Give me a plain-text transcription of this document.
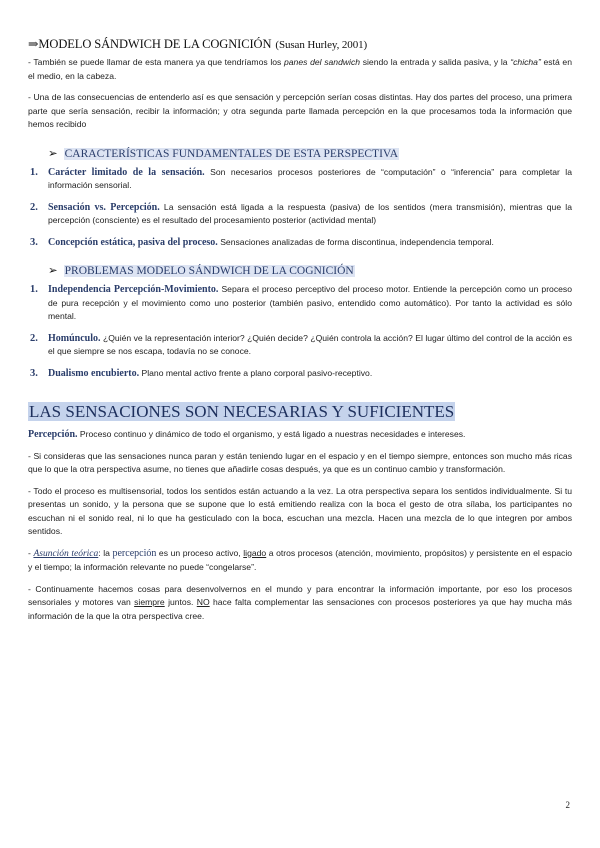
⇒MODELO SÁNDWICH DE LA COGNICIÓN (Susan Hurley, 2001)

- También se puede llamar de esta manera ya que tendríamos los panes del sandwich siendo la entrada y salida pasiva, y la “chicha” está en el medio, en la cabeza.

- Una de las consecuencias de entenderlo así es que sensación y percepción serían cosas distintas. Hay dos partes del proceso, una primera parte que sería sensación, recibir la información; y otra segunda parte llamada percepción en la que procesamos toda la información que hemos recibido

➢ CARACTERÍSTICAS FUNDAMENTALES DE ESTA PERSPECTIVA
1. Carácter limitado de la sensación. Son necesarios procesos posteriores de “computación” o “inferencia” para completar la información sensorial.
2. Sensación vs. Percepción. La sensación está ligada a la respuesta (pasiva) de los sentidos (mera transmisión), mientras que la percepción (consciente) es el resultado del procesamiento posterior (actividad mental)
3. Concepción estática, pasiva del proceso. Sensaciones analizadas de forma discontinua, independencia temporal.
➢ PROBLEMAS MODELO SÁNDWICH DE LA COGNICIÓN
1. Independencia Percepción-Movimiento. Separa el proceso perceptivo del proceso motor. Entiende la percepción como un proceso de pura recepción y el movimiento como uno posterior (también pasivo, entendido como automático). Por tanto la actividad es sólo mental.
2. Homúnculo. ¿Quién ve la representación interior? ¿Quién decide? ¿Quién controla la acción? El lugar último del control de la acción es el que siempre se nos escapa, todavía no se conoce.
3. Dualismo encubierto. Plano mental activo frente a plano corporal pasivo-receptivo.
LAS SENSACIONES SON NECESARIAS Y SUFICIENTES

Percepción. Proceso continuo y dinámico de todo el organismo, y está ligado a nuestras necesidades e intereses.

- Si consideras que las sensaciones nunca paran y están teniendo lugar en el espacio y en el tiempo siempre, entonces son mucho más ricas que lo que la otra perspectiva asume, no tienes que añadirle cosas después, ya que es un continuo cambio y transformación.

- Todo el proceso es multisensorial, todos los sentidos están actuando a la vez. La otra perspectiva separa los sentidos individualmente. Si tu presentas un sonido, y la persona que se supone que lo está emitiendo realiza con la boca el gesto de otra sílaba, los participantes no escuchan ni el sonido real, ni lo que ha gesticulado con la boca, escuchan una mezcla. Hacen una mezcla de lo que integren por ambos sentidos.

- Asunción teórica: la percepción es un proceso activo, ligado a otros procesos (atención, movimiento, propósitos) y persistente en el espacio y el tiempo; la información relevante no puede “congelarse”.

- Continuamente hacemos cosas para desenvolvernos en el mundo y para encontrar la información importante, por eso los procesos sensoriales y motores van siempre juntos. NO hace falta complementar las sensaciones con procesos posteriores ya que hay mucha más información de la que la otra perspectiva cree.

2
